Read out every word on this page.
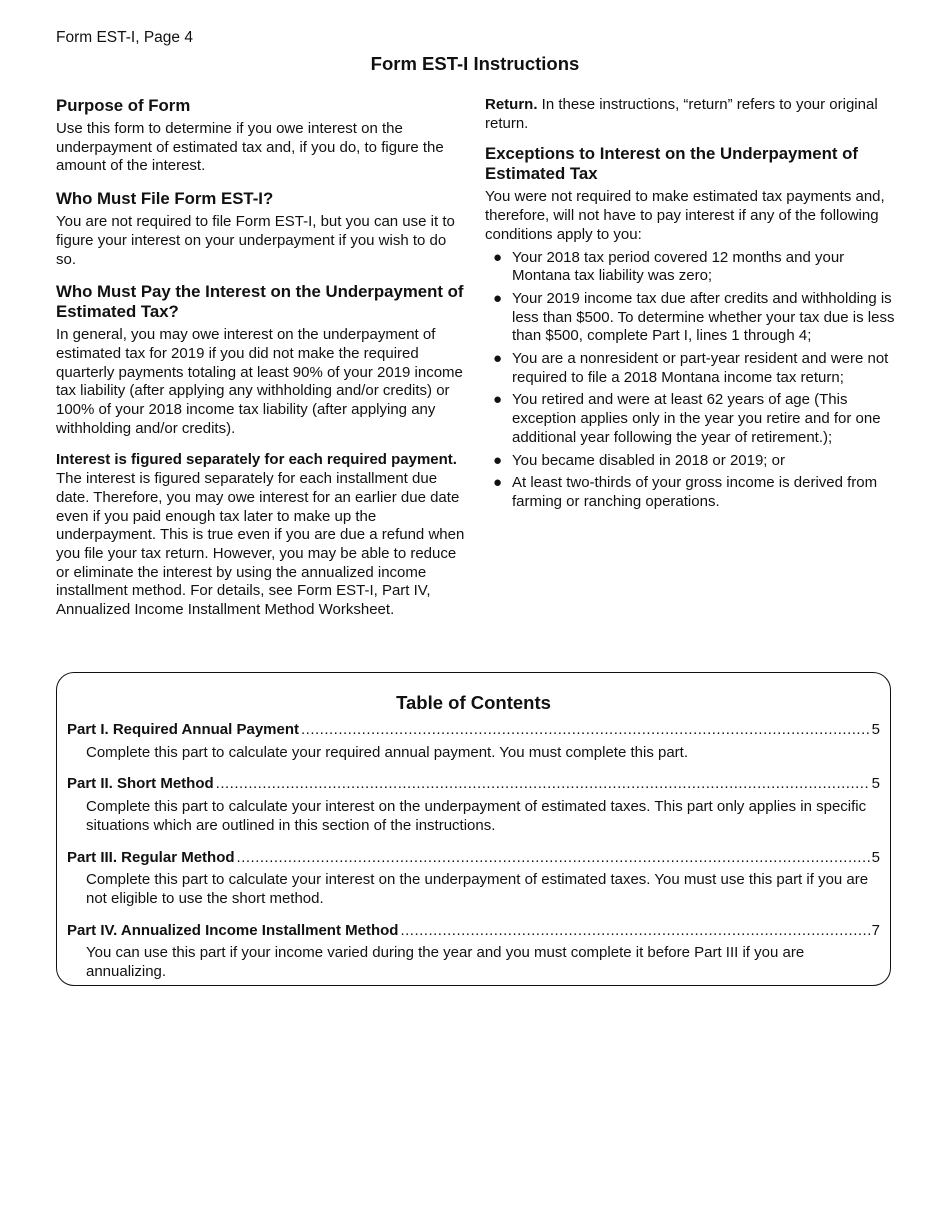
Form EST-I, Page 4
Form EST-I Instructions
Purpose of Form

Use this form to determine if you owe interest on the underpayment of estimated tax and, if you do, to figure the amount of the interest.

Who Must File Form EST-I?

You are not required to file Form EST-I, but you can use it to figure your interest on your underpayment if you wish to do so.

Who Must Pay the Interest on the Underpayment of Estimated Tax?

In general, you may owe interest on the underpayment of estimated tax for 2019 if you did not make the required quarterly payments totaling at least 90% of your 2019 income tax liability (after applying any withholding and/or credits) or 100% of your 2018 income tax liability (after applying any withholding and/or credits).

Interest is figured separately for each required payment. The interest is figured separately for each installment due date. Therefore, you may owe interest for an earlier due date even if you paid enough tax later to make up the underpayment. This is true even if you are due a refund when you file your tax return. However, you may be able to reduce or eliminate the interest by using the annualized income installment method. For details, see Form EST-I, Part IV, Annualized Income Installment Method Worksheet.

Return. In these instructions, “return” refers to your original return.

Exceptions to Interest on the Underpayment of Estimated Tax

You were not required to make estimated tax payments and, therefore, will not have to pay interest if any of the following conditions apply to you:

● Your 2018 tax period covered 12 months and your Montana tax liability was zero;
● Your 2019 income tax due after credits and withholding is less than $500. To determine whether your tax due is less than $500, complete Part I, lines 1 through 4;
● You are a nonresident or part-year resident and were not required to file a 2018 Montana income tax return;
● You retired and were at least 62 years of age (This exception applies only in the year you retire and for one additional year following the year of retirement.);
● You became disabled in 2018 or 2019; or
● At least two-thirds of your gross income is derived from farming or ranching operations.
Table of Contents
Part I. Required Annual Payment .....	5
Complete this part to calculate your required annual payment. You must complete this part.
Part II. Short Method .....	5
Complete this part to calculate your interest on the underpayment of estimated taxes. This part only applies in specific situations which are outlined in this section of the instructions.
Part III. Regular Method .....	5
Complete this part to calculate your interest on the underpayment of estimated taxes. You must use this part if you are not eligible to use the short method.
Part IV. Annualized Income Installment Method .....	7
You can use this part if your income varied during the year and you must complete it before Part III if you are annualizing.
